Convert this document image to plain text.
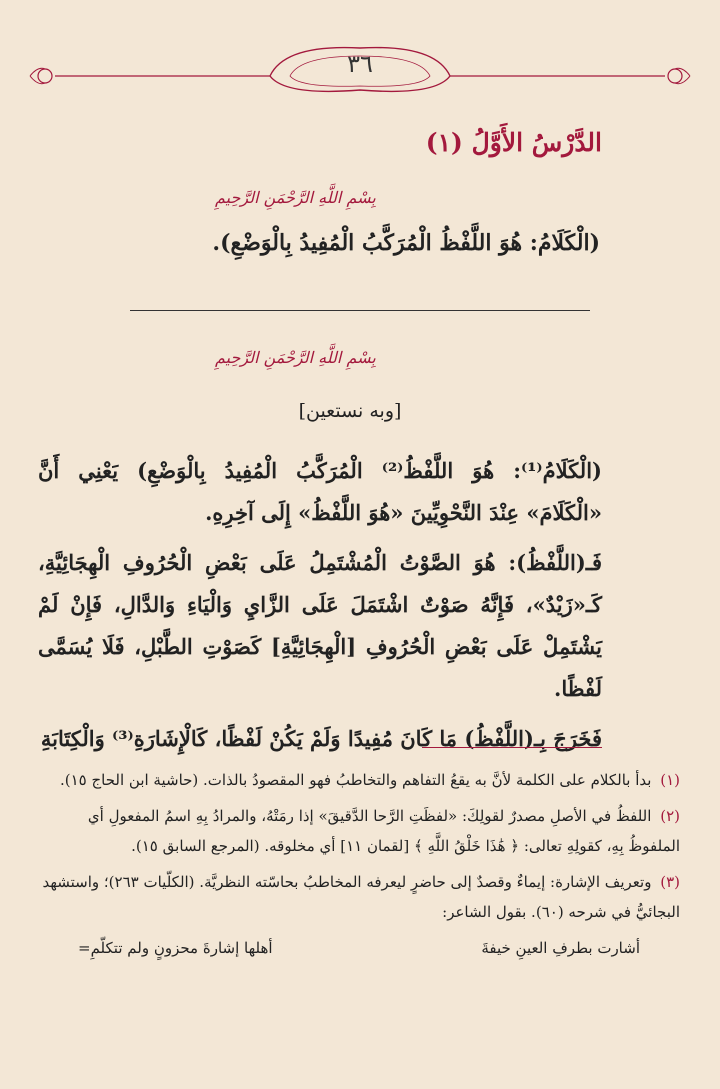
٣٦
الدَّرْسُ الأَوَّلُ (١)
بِسْمِ اللَّهِ الرَّحْمَنِ الرَّحِيمِ
(الْكَلَامُ: هُوَ اللَّفْظُ الْمُرَكَّبُ الْمُفِيدُ بِالْوَضْعِ).
بِسْمِ اللَّهِ الرَّحْمَنِ الرَّحِيمِ
[وبه نستعين]

(الْكَلَامُ⁽¹⁾: هُوَ اللَّفْظُ⁽²⁾ الْمُرَكَّبُ الْمُفِيدُ بِالْوَضْعِ) يَعْنِي أَنَّ «الْكَلَامَ» عِنْدَ النَّحْوِيِّينَ «هُوَ اللَّفْظُ» إِلَى آخِرِهِ.

فَـ(اللَّفْظُ): هُوَ الصَّوْتُ الْمُشْتَمِلُ عَلَى بَعْضِ الْحُرُوفِ الْهِجَائِيَّةِ، كَـ«زَيْدٌ»، فَإِنَّهُ صَوْتٌ اشْتَمَلَ عَلَى الزَّايِ وَالْيَاءِ وَالدَّالِ، فَإِنْ لَمْ يَشْتَمِلْ عَلَى بَعْضِ الْحُرُوفِ [الْهِجَائِيَّةِ] كَصَوْتِ الطَّبْلِ، فَلَا يُسَمَّى لَفْظًا.

فَخَرَجَ بِـ(اللَّفْظُ) مَا كَانَ مُفِيدًا وَلَمْ يَكُنْ لَفْظًا، كَالْإِشَارَةِ⁽³⁾ وَالْكِتَابَةِ

(١) بدأ بالكلام على الكلمة لأنَّ به يقعُ التفاهم والتخاطبُ فهو المقصودُ بالذات. (حاشية ابن الحاج ١٥).
(٢) اللفظُ في الأصلِ مصدرٌ لقولِكَ: «لفظَتِ الرَّحا الدَّقيقَ» إذا رمَتْهُ، والمرادُ بِهِ اسمُ المفعولِ أي الملفوظُ بِهِ، كقولِهِ تعالى: ﴿ هَٰذَا خَلْقُ اللَّهِ ﴾ [لقمان ١١] أي مخلوقه. (المرجع السابق ١٥).
(٣) وتعريف الإشارة: إيماءٌ وقصدٌ إلى حاضرٍ ليعرفه المخاطبُ بحاسّته النظريَّة. (الكلّيات ٢٦٣)؛ واستشهد البجائيُّ في شرحه (٦٠). بقول الشاعر:
أشارت بطرفِ العينِ خيفةَ
أهلها إشارةَ محزونٍ ولم تتكلّمِ=
